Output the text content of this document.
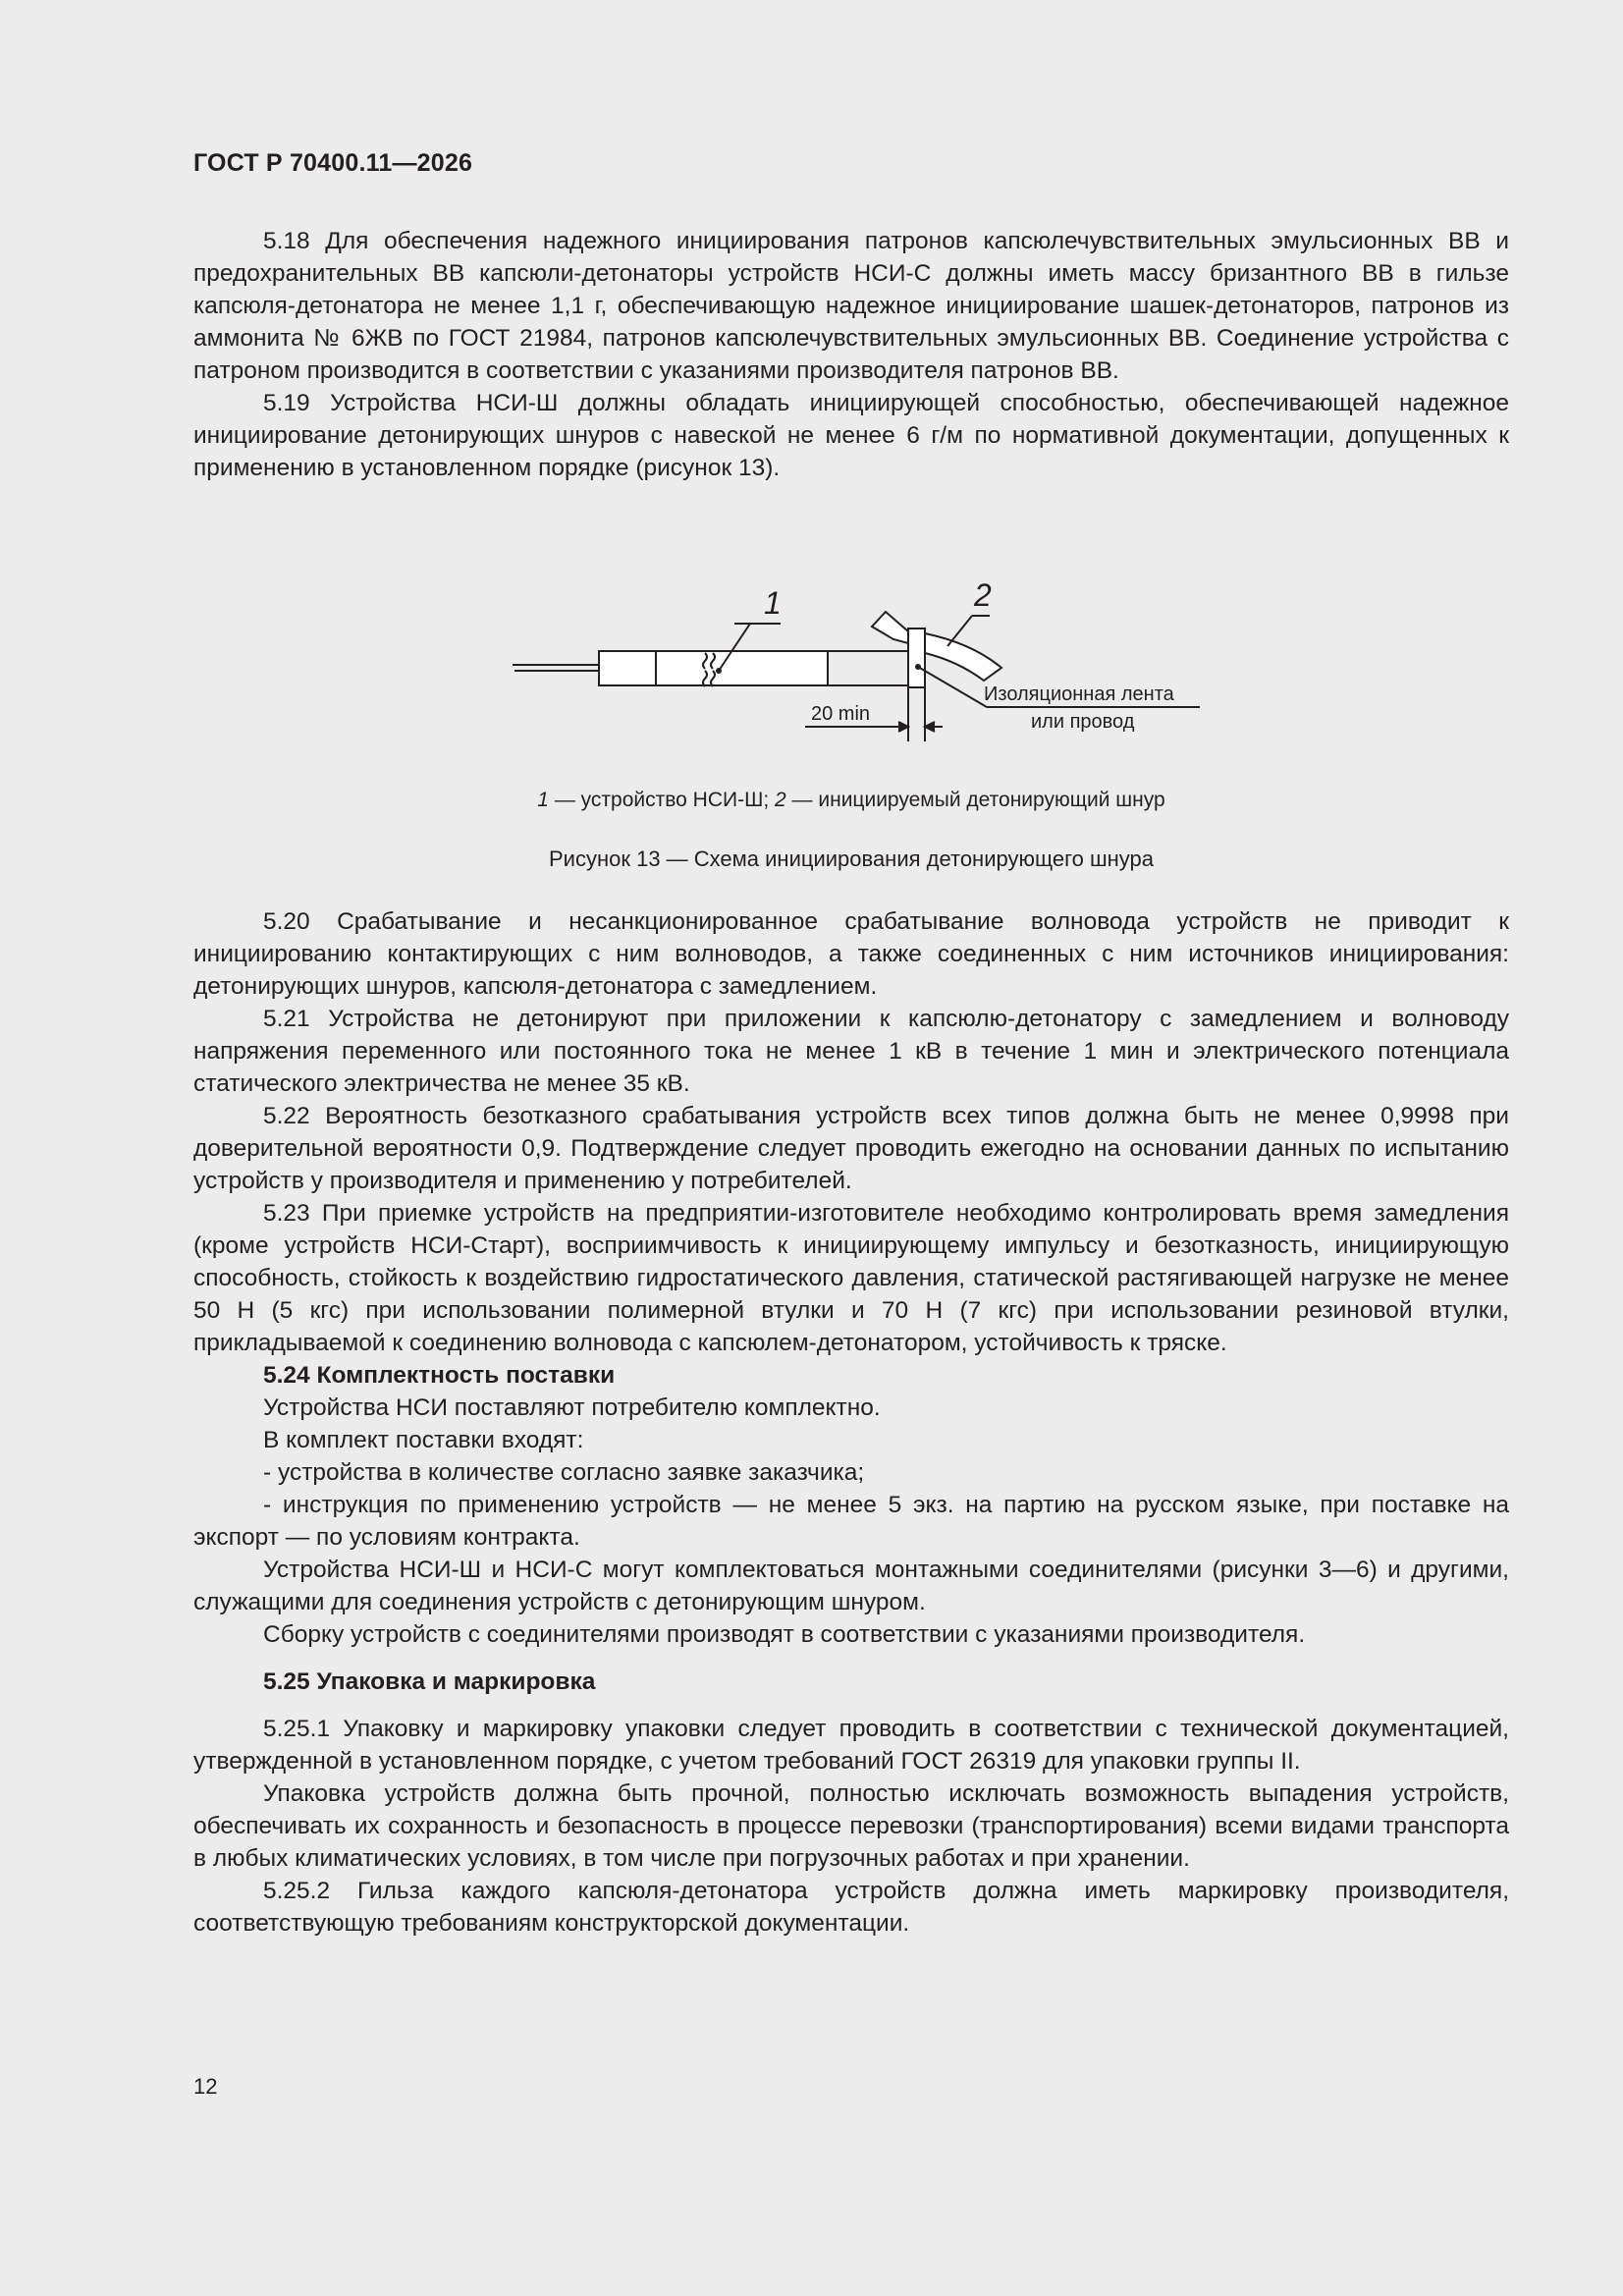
ГОСТ Р 70400.11—2026

5.18 Для обеспечения надежного инициирования патронов капсюлечувствительных эмульсионных ВВ и предохранительных ВВ капсюли-детонаторы устройств НСИ-С должны иметь массу бризантного ВВ в гильзе капсюля-детонатора не менее 1,1 г, обеспечивающую надежное инициирование шашек-детонаторов, патронов из аммонита № 6ЖВ по ГОСТ 21984, патронов капсюлечувствительных эмульсионных ВВ. Соединение устройства с патроном производится в соответствии с указаниями производителя патронов ВВ.

5.19 Устройства НСИ-Ш должны обладать инициирующей способностью, обеспечивающей надежное инициирование детонирующих шнуров с навеской не менее 6 г/м по нормативной документации, допущенных к применению в установленном порядке (рисунок 13).

1	2
20 min
Изоляционная лента
или провод
1 — устройство НСИ-Ш; 2 — инициируемый детонирующий шнур
Рисунок 13 — Схема инициирования детонирующего шнура

5.20 Срабатывание и несанкционированное срабатывание волновода устройств не приводит к инициированию контактирующих с ним волноводов, а также соединенных с ним источников инициирования: детонирующих шнуров, капсюля-детонатора с замедлением.

5.21 Устройства не детонируют при приложении к капсюлю-детонатору с замедлением и волноводу напряжения переменного или постоянного тока не менее 1 кВ в течение 1 мин и электрического потенциала статического электричества не менее 35 кВ.

5.22 Вероятность безотказного срабатывания устройств всех типов должна быть не менее 0,9998 при доверительной вероятности 0,9. Подтверждение следует проводить ежегодно на основании данных по испытанию устройств у производителя и применению у потребителей.

5.23 При приемке устройств на предприятии-изготовителе необходимо контролировать время замедления (кроме устройств НСИ-Старт), восприимчивость к инициирующему импульсу и безотказность, инициирующую способность, стойкость к воздействию гидростатического давления, статической растягивающей нагрузке не менее 50 Н (5 кгс) при использовании полимерной втулки и 70 Н (7 кгс) при использовании резиновой втулки, прикладываемой к соединению волновода с капсюлем-детонатором, устойчивость к тряске.

5.24 Комплектность поставки

Устройства НСИ поставляют потребителю комплектно.

В комплект поставки входят:

- устройства в количестве согласно заявке заказчика;

- инструкция по применению устройств — не менее 5 экз. на партию на русском языке, при поставке на экспорт — по условиям контракта.

Устройства НСИ-Ш и НСИ-С могут комплектоваться монтажными соединителями (рисунки 3—6) и другими, служащими для соединения устройств с детонирующим шнуром.

Сборку устройств с соединителями производят в соответствии с указаниями производителя.

5.25 Упаковка и маркировка

5.25.1 Упаковку и маркировку упаковки следует проводить в соответствии с технической документацией, утвержденной в установленном порядке, с учетом требований ГОСТ 26319 для упаковки группы II.

Упаковка устройств должна быть прочной, полностью исключать возможность выпадения устройств, обеспечивать их сохранность и безопасность в процессе перевозки (транспортирования) всеми видами транспорта в любых климатических условиях, в том числе при погрузочных работах и при хранении.

5.25.2 Гильза каждого капсюля-детонатора устройств должна иметь маркировку производителя, соответствующую требованиям конструкторской документации.

12
